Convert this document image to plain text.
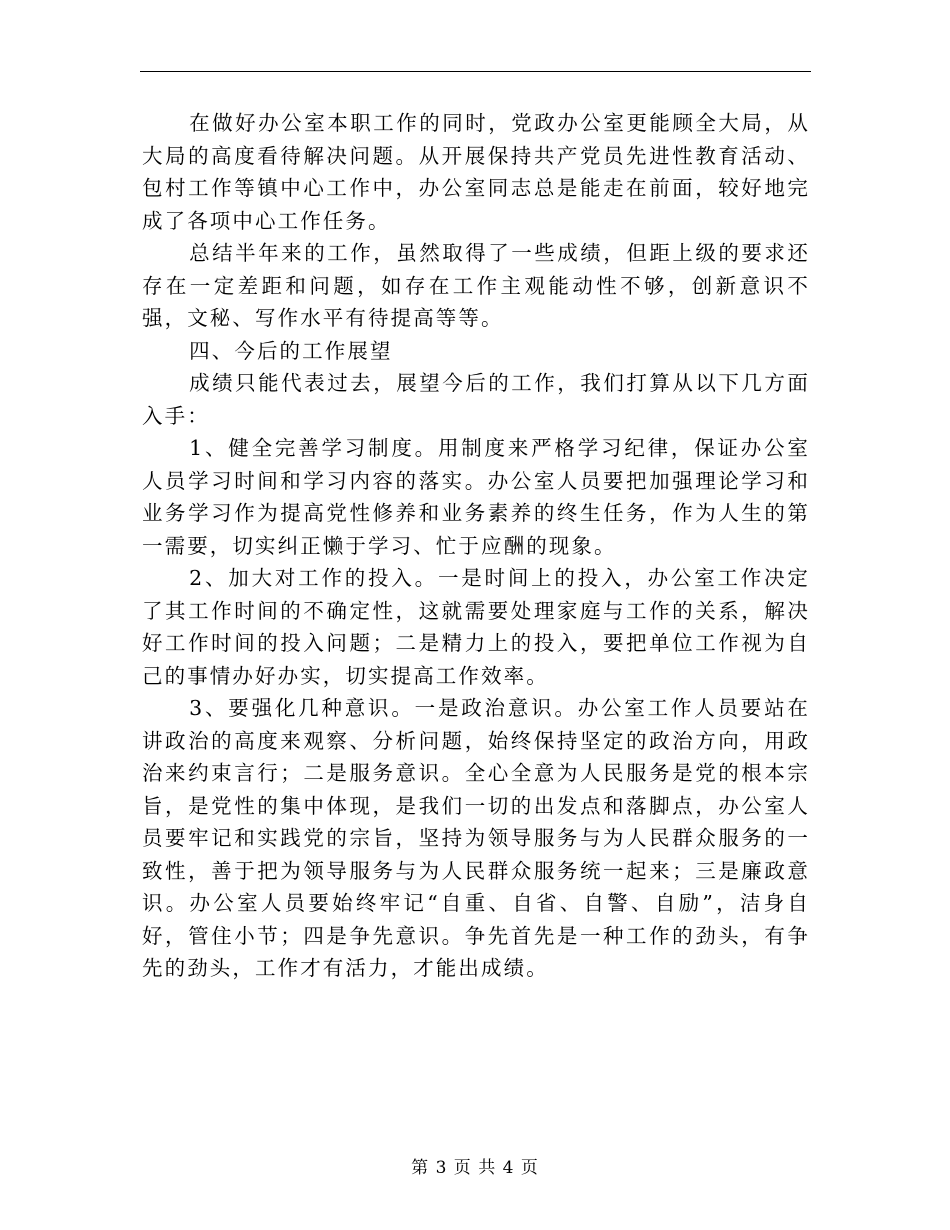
在做好办公室本职工作的同时，党政办公室更能顾全大局，从大局的高度看待解决问题。从开展保持共产党员先进性教育活动、包村工作等镇中心工作中，办公室同志总是能走在前面，较好地完成了各项中心工作任务。

总结半年来的工作，虽然取得了一些成绩，但距上级的要求还存在一定差距和问题，如存在工作主观能动性不够，创新意识不强，文秘、写作水平有待提高等等。

四、今后的工作展望

成绩只能代表过去，展望今后的工作，我们打算从以下几方面入手：

1、健全完善学习制度。用制度来严格学习纪律，保证办公室人员学习时间和学习内容的落实。办公室人员要把加强理论学习和业务学习作为提高党性修养和业务素养的终生任务，作为人生的第一需要，切实纠正懒于学习、忙于应酬的现象。

2、加大对工作的投入。一是时间上的投入，办公室工作决定了其工作时间的不确定性，这就需要处理家庭与工作的关系，解决好工作时间的投入问题；二是精力上的投入，要把单位工作视为自己的事情办好办实，切实提高工作效率。

3、要强化几种意识。一是政治意识。办公室工作人员要站在讲政治的高度来观察、分析问题，始终保持坚定的政治方向，用政治来约束言行；二是服务意识。全心全意为人民服务是党的根本宗旨，是党性的集中体现，是我们一切的出发点和落脚点，办公室人员要牢记和实践党的宗旨，坚持为领导服务与为人民群众服务的一致性，善于把为领导服务与为人民群众服务统一起来；三是廉政意识。办公室人员要始终牢记“自重、自省、自警、自励”，洁身自好，管住小节；四是争先意识。争先首先是一种工作的劲头，有争先的劲头，工作才有活力，才能出成绩。

第 3 页 共 4 页
